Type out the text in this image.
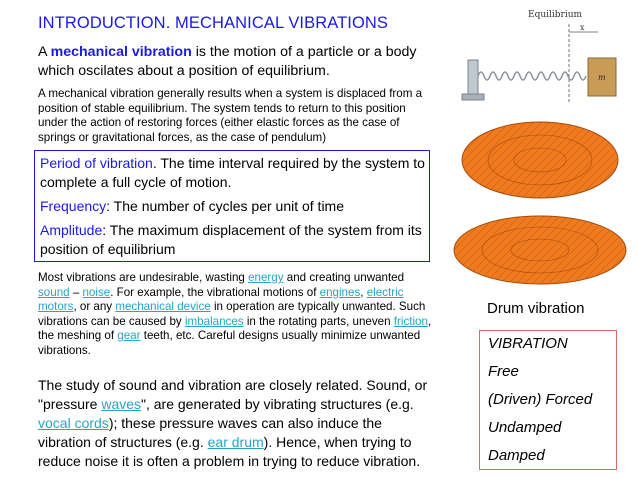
INTRODUCTION. MECHANICAL VIBRATIONS
A mechanical vibration is the motion of a particle or a body which oscilates about a position of equilibrium.
A mechanical vibration generally results when a system is displaced from a position of stable equilibrium. The system tends to return to this position under the action of restoring forces (either elastic forces as the case of springs or gravitational forces, as the case of pendulum)
Period of vibration. The time interval required by the system to complete a full cycle of motion.
Frequency: The number of cycles per unit of time
Amplitude: The maximum displacement of the system from its position of equilibrium
Most vibrations are undesirable, wasting energy and creating unwanted sound – noise. For example, the vibrational motions of engines, electric motors, or any mechanical device in operation are typically unwanted. Such vibrations can be caused by imbalances in the rotating parts, uneven friction, the meshing of gear teeth, etc. Careful designs usually minimize unwanted vibrations.
The study of sound and vibration are closely related. Sound, or "pressure waves", are generated by vibrating structures (e.g. vocal cords); these pressure waves can also induce the vibration of structures (e.g. ear drum). Hence, when trying to reduce noise it is often a problem in trying to reduce vibration.
Equilibrium
x
m
Drum vibration
VIBRATION
Free
(Driven) Forced
Undamped
Damped
